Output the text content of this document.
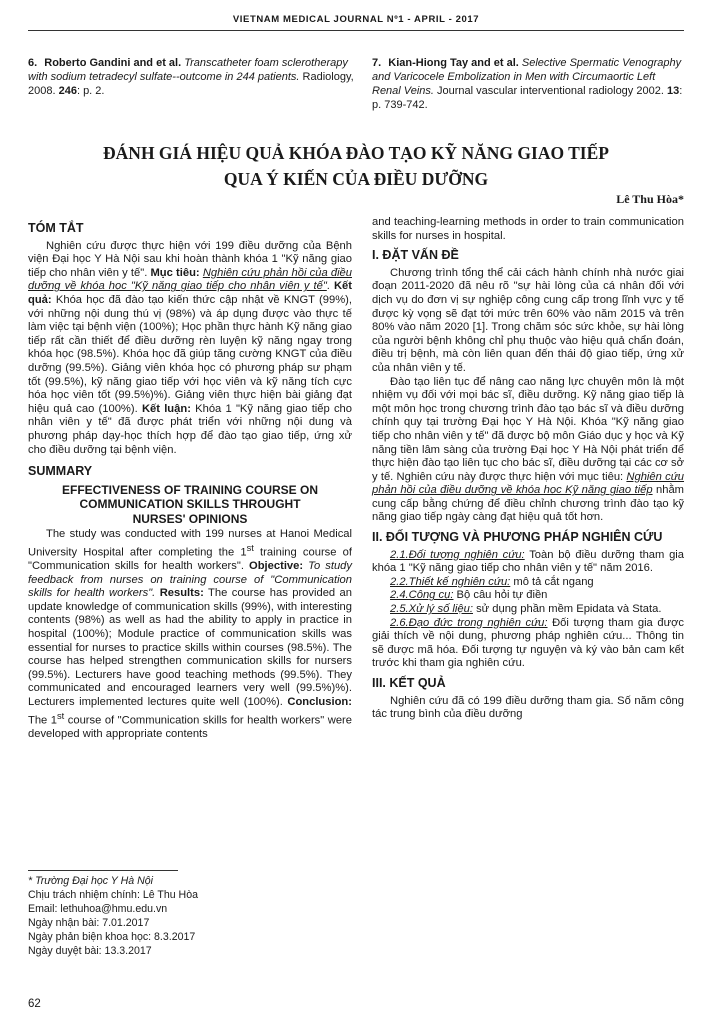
VIETNAM MEDICAL JOURNAL Nº1 - APRIL - 2017
6. Roberto Gandini and et al. Transcatheter foam sclerotherapy with sodium tetradecyl sulfate--outcome in 244 patients. Radiology, 2008. 246: p. 2.
7. Kian-Hiong Tay and et al. Selective Spermatic Venography and Varicocele Embolization in Men with Circumaortic Left Renal Veins. Journal vascular interventional radiology 2002. 13: p. 739-742.
ĐÁNH GIÁ HIỆU QUẢ KHÓA ĐÀO TẠO KỸ NĂNG GIAO TIẾP
QUA Ý KIẾN CỦA ĐIỀU DƯỠNG
Lê Thu Hòa*
TÓM TẮT

Nghiên cứu được thực hiện với 199 điều dưỡng của Bệnh viện Đại học Y Hà Nội sau khi hoàn thành khóa 1 "Kỹ năng giao tiếp cho nhân viên y tế". Mục tiêu: Nghiên cứu phản hồi của điều dưỡng về khóa học "Kỹ năng giao tiếp cho nhân viên y tế". Kết quả: Khóa học đã đào tạo kiến thức cập nhật về KNGT (99%), với những nội dung thú vị (98%) và áp dụng được vào thực tế làm việc tại bệnh viện (100%); Học phần thực hành Kỹ năng giao tiếp rất cần thiết để điều dưỡng rèn luyện kỹ năng ngay trong khóa học (98.5%). Khóa học đã giúp tăng cường KNGT của điều dưỡng (99.5%). Giảng viên khóa học có phương pháp sư phạm tốt (99.5%), kỹ năng giao tiếp với học viên và kỹ năng tích cực hóa học viên tốt (99.5%)%). Giảng viên thực hiện bài giảng đạt hiệu quả cao (100%). Kết luận: Khóa 1 "Kỹ năng giao tiếp cho nhân viên y tế" đã được phát triển với những nội dung và phương pháp dạy-học thích hợp để đào tạo giao tiếp, ứng xử cho điều dưỡng tại bệnh viện.

SUMMARY
EFFECTIVENESS OF TRAINING COURSE ON
COMMUNICATION SKILLS THROUGHT
NURSES' OPINIONS

The study was conducted with 199 nurses at Hanoi Medical University Hospital after completing the 1st training course of "Communication skills for health workers". Objective: To study feedback from nurses on training course of "Communication skills for health workers". Results: The course has provided an update knowledge of communication skills (99%), with interesting contents (98%) as well as had the ability to apply in practice in hospital (100%); Module practice of communication skills was essential for nurses to practice skills within courses (98.5%). The course has helped strengthen communication skills for nursers (99.5%). Lecturers have good teaching methods (99.5%). They communicated and encouraged learners very well (99.5%)%). Lecturers implemented lectures quite well (100%). Conclusion: The 1st course of "Communication skills for health workers" were developed with appropriate contents

* Trường Đại học Y Hà Nội
Chịu trách nhiệm chính: Lê Thu Hòa
Email: lethuhoa@hmu.edu.vn
Ngày nhận bài: 7.01.2017
Ngày phản biện khoa học: 8.3.2017
Ngày duyệt bài: 13.3.2017

and teaching-learning methods in order to train communication skills for nurses in hospital.

I. ĐẶT VẤN ĐỀ

Chương trình tổng thể cải cách hành chính nhà nước giai đoạn 2011-2020 đã nêu rõ "sự hài lòng của cá nhân đối với dịch vụ do đơn vị sự nghiệp công cung cấp trong lĩnh vực y tế được kỳ vọng sẽ đạt tới mức trên 60% vào năm 2015 và trên 80% vào năm 2020 [1]. Trong chăm sóc sức khỏe, sự hài lòng của người bệnh không chỉ phụ thuộc vào hiệu quả chẩn đoán, điều trị bệnh, mà còn liên quan đến thái độ giao tiếp, ứng xử của nhân viên y tế.

Đào tạo liên tục để nâng cao năng lực chuyên môn là một nhiệm vụ đối với mọi bác sĩ, điều dưỡng. Kỹ năng giao tiếp là một môn học trong chương trình đào tạo bác sĩ và điều dưỡng chính quy tại trường Đại học Y Hà Nội. Khóa "Kỹ năng giao tiếp cho nhân viên y tế" đã được bộ môn Giáo dục y học và Kỹ năng tiền lâm sàng của trường Đại học Y Hà Nội phát triển để thực hiện đào tạo liên tục cho bác sĩ, điều dưỡng tại các cơ sở y tế. Nghiên cứu này được thực hiện với mục tiêu: Nghiên cứu phản hồi của điều dưỡng về khóa học Kỹ năng giao tiếp nhằm cung cấp bằng chứng để điều chỉnh chương trình đào tạo kỹ năng giao tiếp ngày càng đạt hiệu quả tốt hơn.

II. ĐỐI TƯỢNG VÀ PHƯƠNG PHÁP NGHIÊN CỨU

2.1.Đối tượng nghiên cứu: Toàn bộ điều dưỡng tham gia khóa 1 "Kỹ năng giao tiếp cho nhân viên y tế" năm 2016.

2.2.Thiết kế nghiên cứu: mô tả cắt ngang

2.4.Công cụ: Bộ câu hỏi tự điền

2.5.Xử lý số liệu: sử dụng phần mềm Epidata và Stata.

2.6.Đạo đức trong nghiên cứu: Đối tượng tham gia được giải thích về nội dung, phương pháp nghiên cứu... Thông tin sẽ được mã hóa. Đối tượng tự nguyện và ký vào bản cam kết trước khi tham gia nghiên cứu.

III. KẾT QUẢ

Nghiên cứu đã có 199 điều dưỡng tham gia. Số năm công tác trung bình của điều dưỡng

62
